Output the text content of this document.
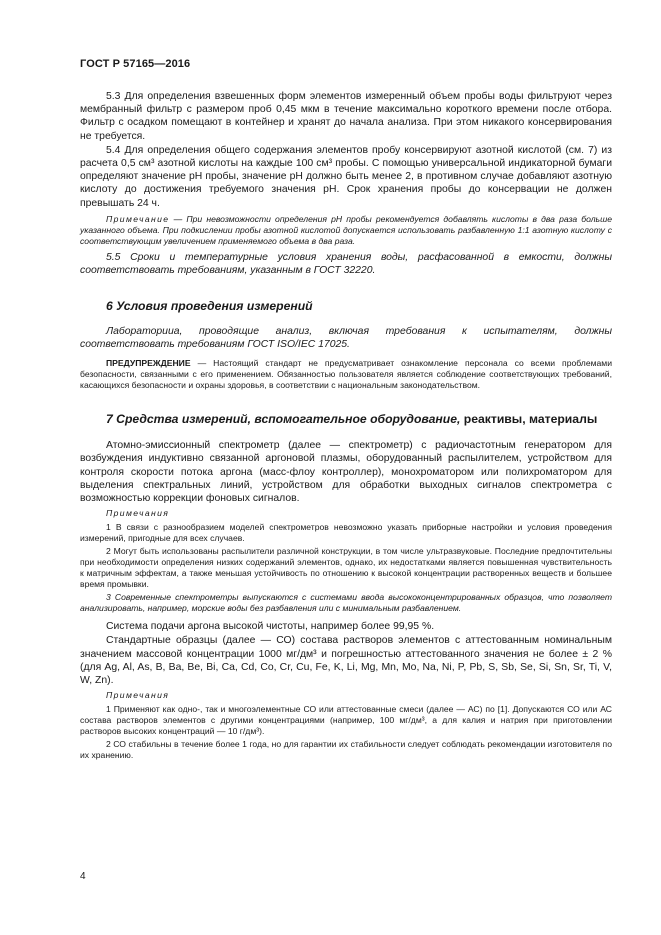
ГОСТ Р 57165—2016

5.3 Для определения взвешенных форм элементов измеренный объем пробы воды фильтруют через мембранный фильтр с размером проб 0,45 мкм в течение максимально короткого времени после отбора. Фильтр с осадком помещают в контейнер и хранят до начала анализа. При этом никакого консервирования не требуется.

5.4 Для определения общего содержания элементов пробу консервируют азотной кислотой (см. 7) из расчета 0,5 см³ азотной кислоты на каждые 100 см³ пробы. С помощью универсальной индикаторной бумаги определяют значение pH пробы, значение pH должно быть менее 2, в противном случае добавляют азотную кислоту до достижения требуемого значения pH. Срок хранения пробы до консервации не должен превышать 24 ч.

Примечание — При невозможности определения pH пробы рекомендуется добавлять кислоты в два раза больше указанного объема. При подкислении пробы азотной кислотой допускается использовать разбавленную 1:1 азотную кислоту с соответствующим увеличением применяемого объема в два раза.

5.5 Сроки и температурные условия хранения воды, расфасованной в емкости, должны соответствовать требованиям, указанным в ГОСТ 32220.

6 Условия проведения измерений

Лабораторииa, проводящие анализ, включая требования к испытателям, должны соответствовать требованиям ГОСТ ISO/IEC 17025.

ПРЕДУПРЕЖДЕНИЕ — Настоящий стандарт не предусматривает ознакомление персонала со всеми проблемами безопасности, связанными с его применением. Обязанностью пользователя является соблюдение соответствующих требований, касающихся безопасности и охраны здоровья, в соответствии с национальным законодательством.

7 Средства измерений, вспомогательное оборудование, реактивы, материалы

Атомно-эмиссионный спектрометр (далее — спектрометр) с радиочастотным генератором для возбуждения индуктивно связанной аргоновой плазмы, оборудованный распылителем, устройством для контроля скорости потока аргона (масс-флоу контроллер), монохроматором или полихроматором для выделения спектральных линий, устройством для обработки выходных сигналов спектрометра с возможностью коррекции фоновых сигналов.

Примечания

1 В связи с разнообразием моделей спектрометров невозможно указать приборные настройки и условия проведения измерений, пригодные для всех случаев.

2 Могут быть использованы распылители различной конструкции, в том числе ультразвуковые. Последние предпочтительны при необходимости определения низких содержаний элементов, однако, их недостатками является повышенная чувствительность к матричным эффектам, а также меньшая устойчивость по отношению к высокой концентрации растворенных веществ и большее время промывки.

3 Современные спектрометры выпускаются с системами ввода высококонцентрированных образцов, что позволяет анализировать, например, морские воды без разбавления или с минимальным разбавлением.

Система подачи аргона высокой чистоты, например более 99,95 %.

Стандартные образцы (далее — СО) состава растворов элементов с аттестованным номинальным значением массовой концентрации 1000 мг/дм³ и погрешностью аттестованного значения не более ± 2 % (для Ag, Al, As, B, Ba, Be, Bi, Ca, Cd, Co, Cr, Cu, Fe, K, Li, Mg, Mn, Mo, Na, Ni, P, Pb, S, Sb, Se, Si, Sn, Sr, Ti, V, W, Zn).

Примечания

1 Применяют как одно-, так и многоэлементные СО или аттестованные смеси (далее — АС) по [1]. Допускаются СО или АС состава растворов элементов с другими концентрациями (например, 100 мг/дм³, а для калия и натрия при приготовлении растворов высоких концентраций — 10 г/дм³).

2 СО стабильны в течение более 1 года, но для гарантии их стабильности следует соблюдать рекомендации изготовителя по их хранению.

4
